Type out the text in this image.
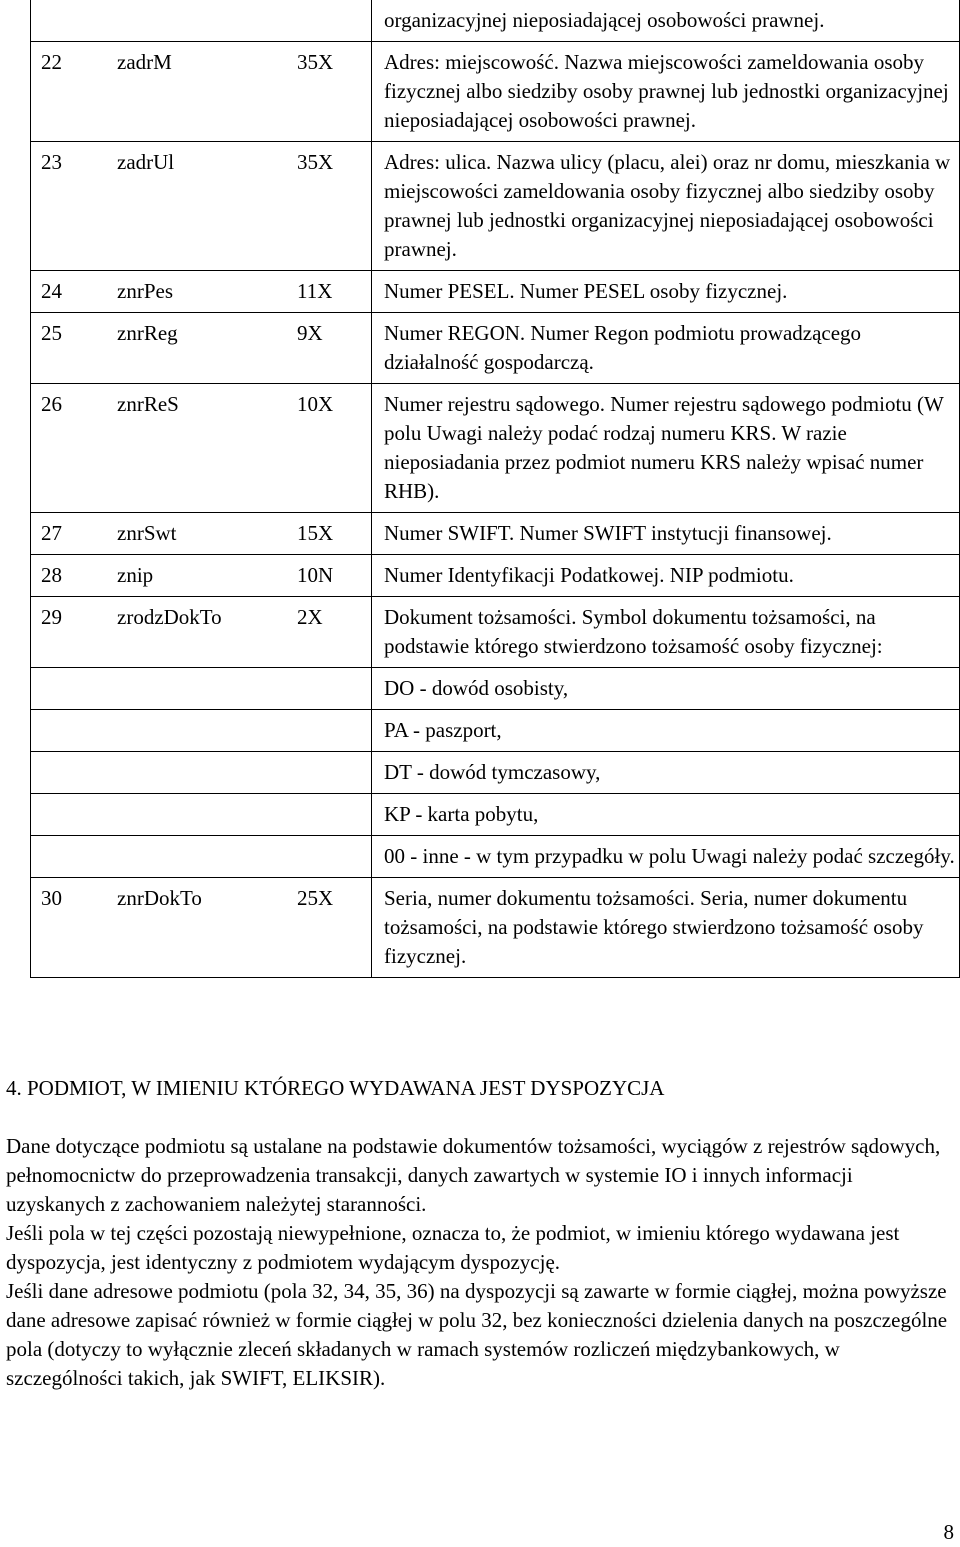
			organizacyjnej nieposiadającej osobowości prawnej.
22	zadrM	35X	Adres: miejscowość. Nazwa miejscowości zameldowania osoby fizycznej albo siedziby osoby prawnej lub jednostki organizacyjnej nieposiadającej osobowości prawnej.
23	zadrUl	35X	Adres: ulica. Nazwa ulicy (placu, alei) oraz nr domu, mieszkania w miejscowości zameldowania osoby fizycznej albo siedziby osoby prawnej lub jednostki organizacyjnej nieposiadającej osobowości prawnej.
24	znrPes	11X	Numer PESEL. Numer PESEL osoby fizycznej.
25	znrReg	9X	Numer REGON. Numer Regon podmiotu prowadzącego działalność gospodarczą.
26	znrReS	10X	Numer rejestru sądowego. Numer rejestru sądowego podmiotu (W polu Uwagi należy podać rodzaj numeru KRS. W razie nieposiadania przez podmiot numeru KRS należy wpisać numer RHB).
27	znrSwt	15X	Numer SWIFT. Numer SWIFT instytucji finansowej.
28	znip	10N	Numer Identyfikacji Podatkowej. NIP podmiotu.
29	zrodzDokTo	2X	Dokument tożsamości. Symbol dokumentu tożsamości, na podstawie którego stwierdzono tożsamość osoby fizycznej:
			DO - dowód osobisty,
			PA - paszport,
			DT - dowód tymczasowy,
			KP - karta pobytu,
			00 - inne - w tym przypadku w polu Uwagi należy podać szczegóły.
30	znrDokTo	25X	Seria, numer dokumentu tożsamości. Seria, numer dokumentu tożsamości, na podstawie którego stwierdzono tożsamość osoby fizycznej.
4. PODMIOT, W IMIENIU KTÓREGO WYDAWANA JEST DYSPOZYCJA

Dane dotyczące podmiotu są ustalane na podstawie dokumentów tożsamości, wyciągów z rejestrów sądowych, pełnomocnictw do przeprowadzenia transakcji, danych zawartych w systemie IO i innych informacji uzyskanych z zachowaniem należytej staranności.

Jeśli pola w tej części pozostają niewypełnione, oznacza to, że podmiot, w imieniu którego wydawana jest dyspozycja, jest identyczny z podmiotem wydającym dyspozycję.

Jeśli dane adresowe podmiotu (pola 32, 34, 35, 36) na dyspozycji są zawarte w formie ciągłej, można powyższe dane adresowe zapisać również w formie ciągłej w polu 32, bez konieczności dzielenia danych na poszczególne pola (dotyczy to wyłącznie zleceń składanych w ramach systemów rozliczeń międzybankowych, w szczególności takich, jak SWIFT, ELIKSIR).

8
